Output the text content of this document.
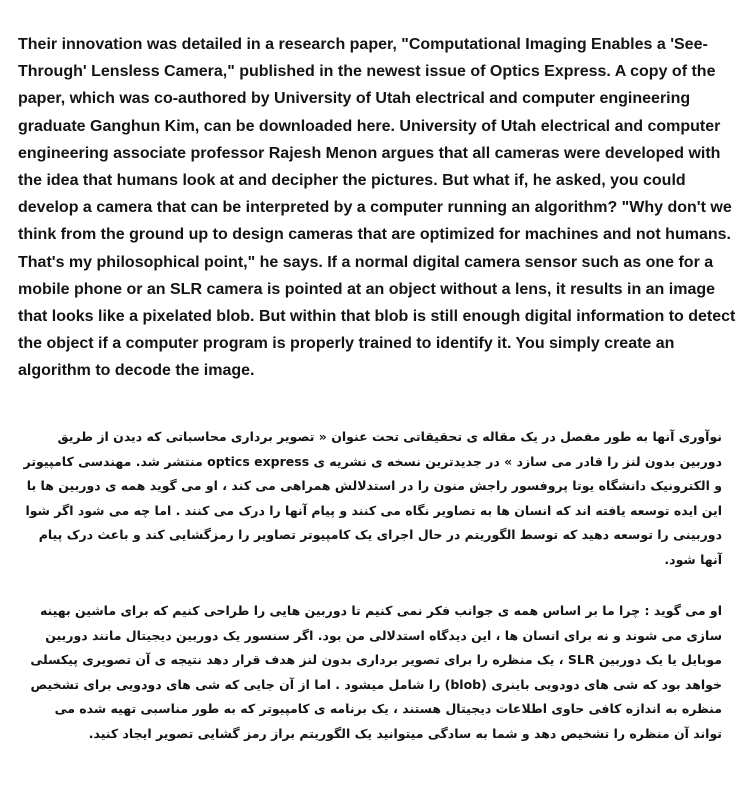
Their innovation was detailed in a research paper, "Computational Imaging Enables a 'See-Through' Lensless Camera," published in the newest issue of Optics Express. A copy of the paper, which was co-authored by University of Utah electrical and computer engineering graduate Ganghun Kim, can be downloaded here. University of Utah electrical and computer engineering associate professor Rajesh Menon argues that all cameras were developed with the idea that humans look at and decipher the pictures. But what if, he asked, you could develop a camera that can be interpreted by a computer running an algorithm? "Why don't we think from the ground up to design cameras that are optimized for machines and not humans. That's my philosophical point," he says. If a normal digital camera sensor such as one for a mobile phone or an SLR camera is pointed at an object without a lens, it results in an image that looks like a pixelated blob. But within that blob is still enough digital information to detect the object if a computer program is properly trained to identify it. You simply create an algorithm to decode the image.

نوآوری آنها به طور مفصل در یک مقاله ی تحقیقاتی تحت عنوان « تصویر برداری محاسباتی که دیدن از طریق دوربین بدون لنز را قادر می سازد » در جدیدترین نسخه ی نشریه ی optics express منتشر شد. مهندسی کامپیوتر و الکترونیک دانشگاه یوتا پروفسور راجش منون را در استدلالش همراهی می کند ، او می گوید همه ی دوربین ها با این ایده توسعه یافته اند که انسان ها به تصاویر نگاه می کنند و پیام آنها را درک می کنند . اما چه می شود اگر شوا دوربینی را توسعه دهید که توسط الگوریتم در حال اجرای یک کامپیوتر تصاویر را رمزگشایی کند و باعث درک پیام آنها شود.

او می گوید : چرا ما بر اساس همه ی جوانب فکر نمی کنیم تا دوربین هایی را طراحی کنیم که برای ماشین بهینه سازی می شوند و نه برای انسان ها ، این دیدگاه استدلالی من بود. اگر سنسور یک دوربین دیجیتال مانند دوربین موبایل یا یک دوربین SLR ، یک منظره را برای تصویر برداری بدون لنز هدف قرار دهد نتیجه ی آن تصویری پیکسلی خواهد بود که شی های دودویی باینری (blob) را شامل میشود . اما از آن جایی که شی های دودویی برای تشخیص منظره به اندازه کافی حاوی اطلاعات دیجیتال هستند ، یک برنامه ی کامپیوتر که به طور مناسبی تهیه شده می تواند آن منظره را تشخیص دهد و شما به سادگی میتوانید یک الگوریتم براز رمز گشایی تصویر ایجاد کنید.
